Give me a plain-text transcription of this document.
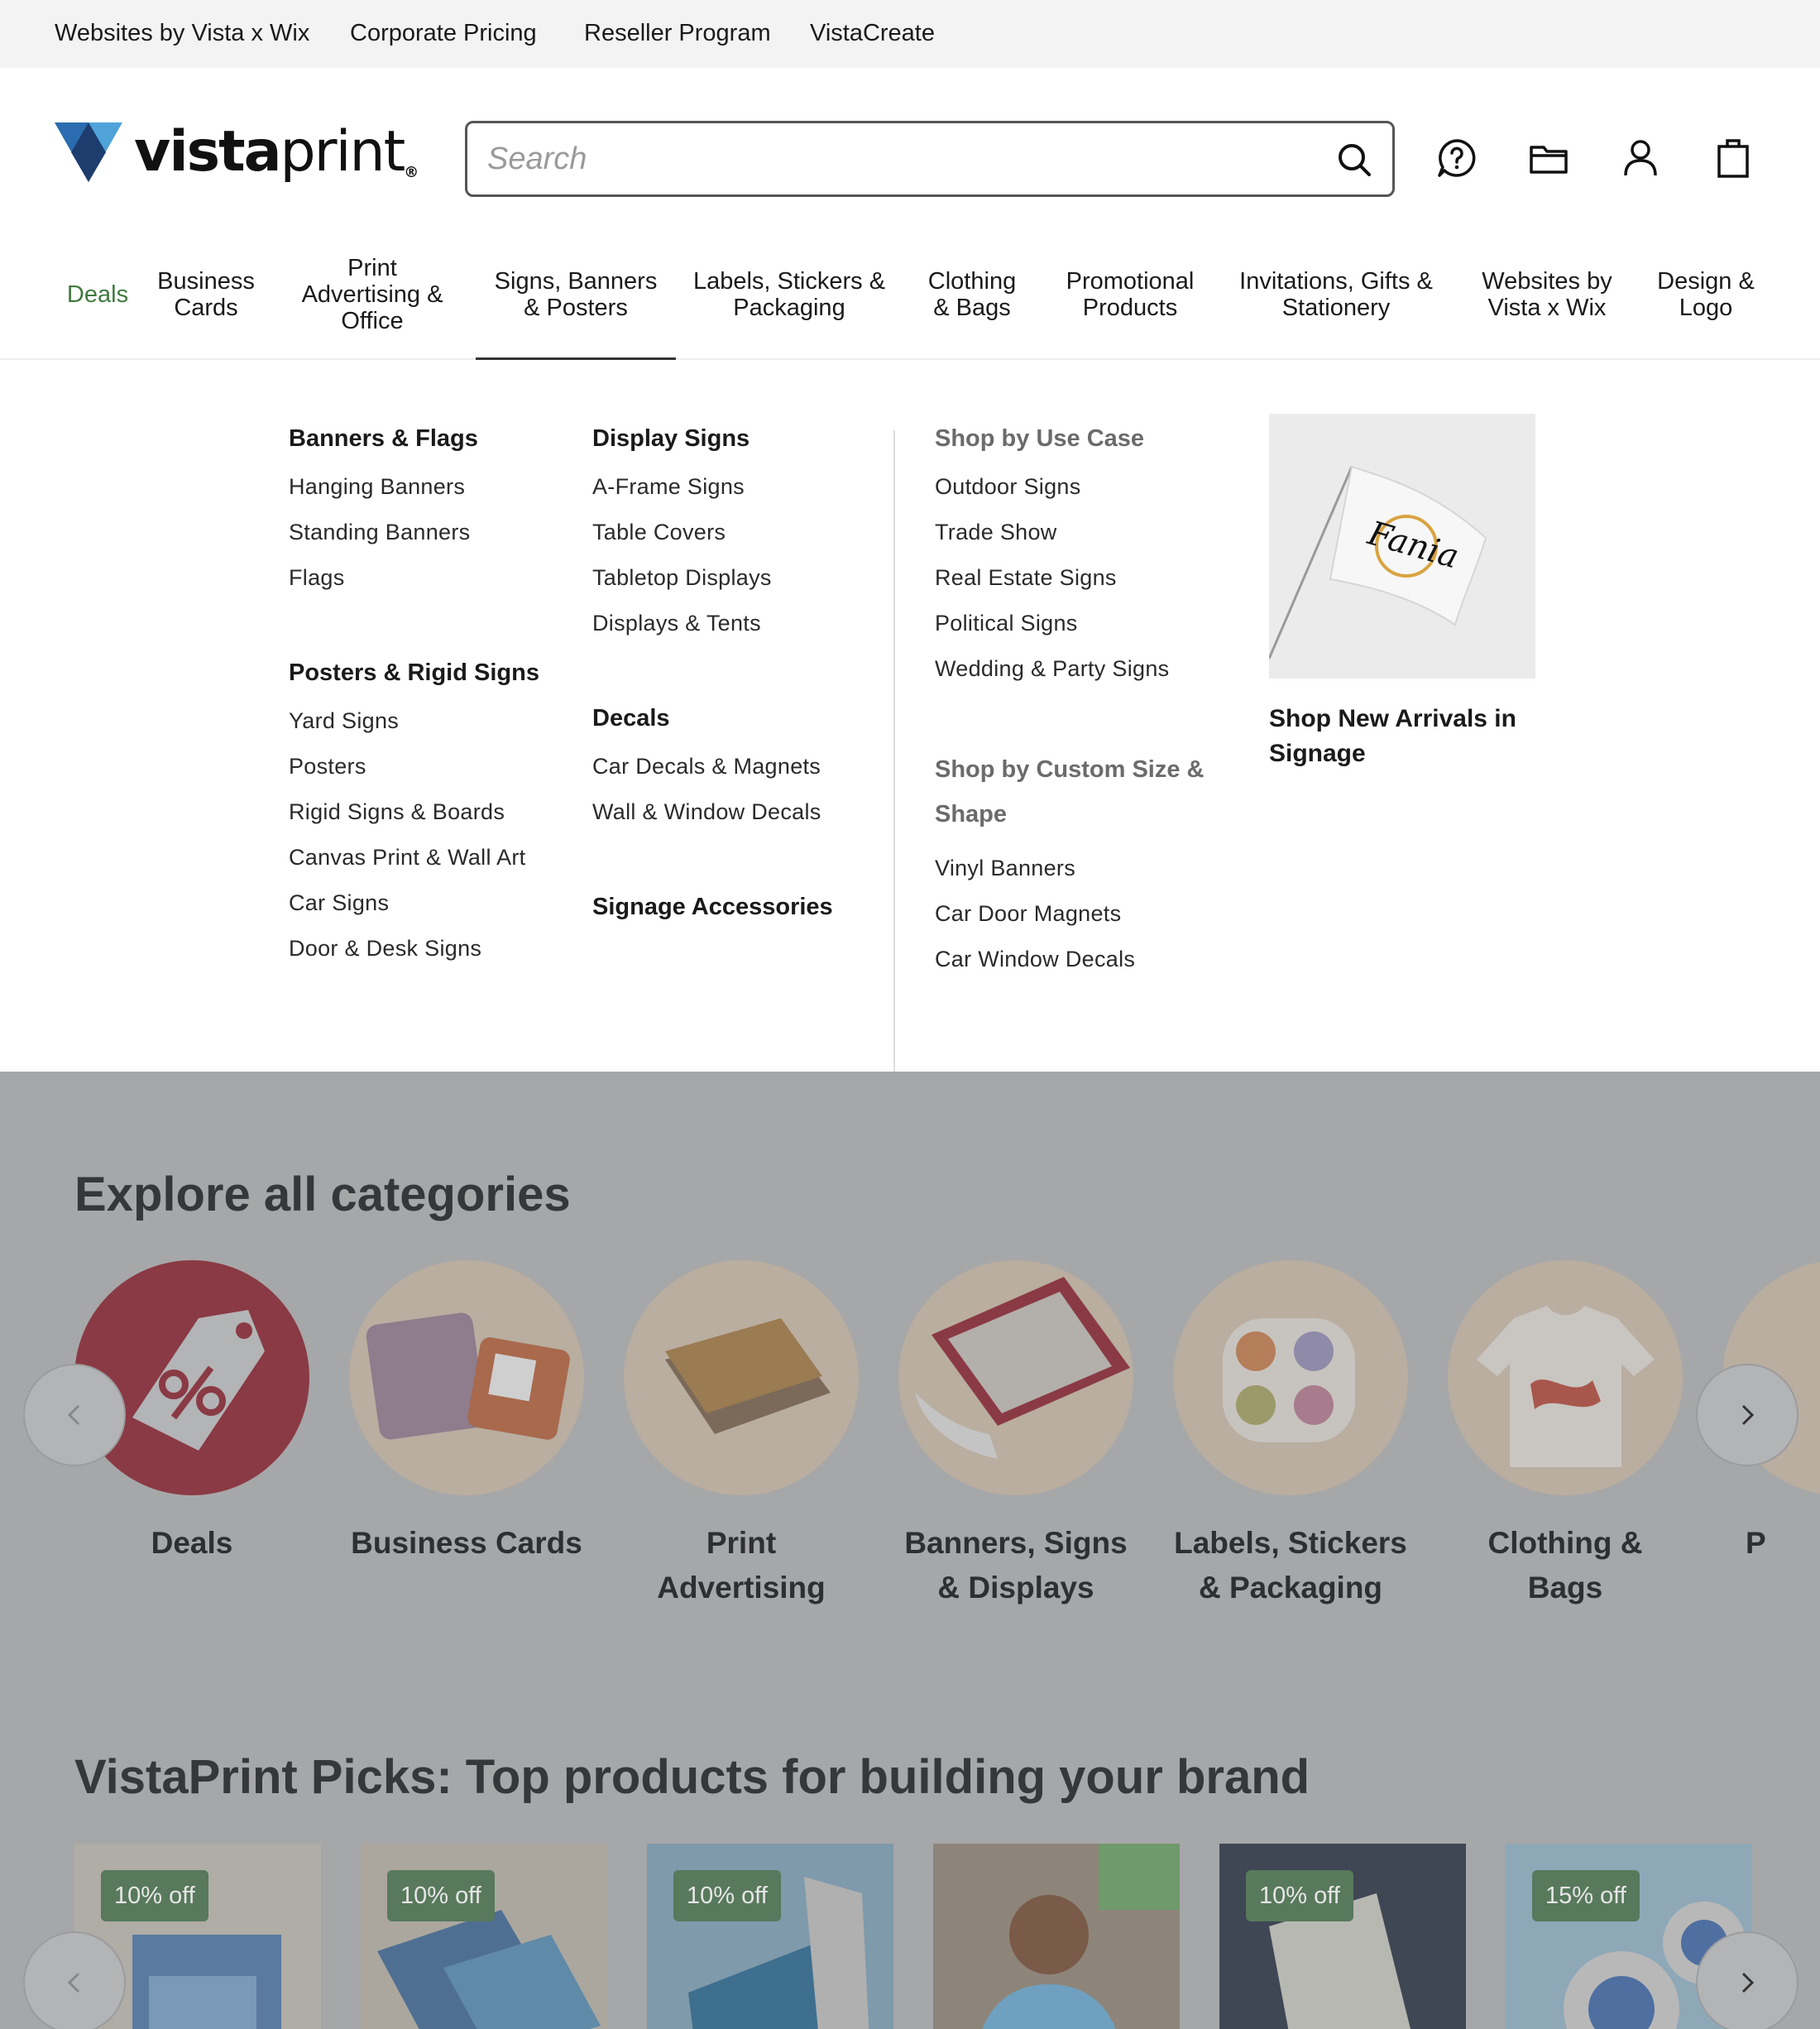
Websites by Vista x Wix Corporate Pricing Reseller Program VistaCreate
vistaprint®
Search
Deals	Business
Cards
Print
Advertising &
Office
Signs, Banners
& Posters
Labels, Stickers &
Packaging
Clothing
& Bags
Promotional
Products
Invitations, Gifts &
Stationery
Websites by
Vista x Wix
Design &
Logo
Banners & Flags
Hanging Banners
Standing Banners
Flags
Posters & Rigid Signs
Yard Signs
Posters
Rigid Signs & Boards
Canvas Print & Wall Art
Car Signs
Door & Desk Signs
Display Signs
A-Frame Signs
Table Covers
Tabletop Displays
Displays & Tents
Decals
Car Decals & Magnets
Wall & Window Decals
Signage Accessories
Shop by Use Case
Outdoor Signs
Trade Show
Real Estate Signs
Political Signs
Wedding & Party Signs
Shop by Custom Size &
Shape
Vinyl Banners
Car Door Magnets
Car Window Decals
Fania
Shop New Arrivals in Signage
Explore all categories
Deals	Business Cards	Print
Advertising
Banners, Signs
& Displays
Labels, Stickers
& Packaging
Clothing & Bags
P
VistaPrint Picks: Top products for building your brand
10% off	10% off	10% off	10% off	15% off
